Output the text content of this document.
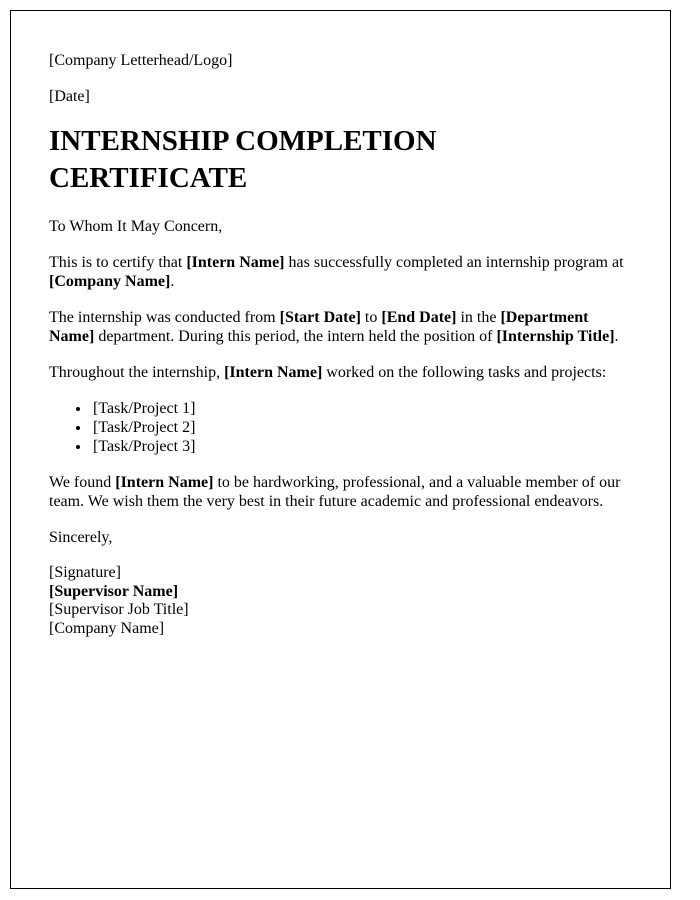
[Company Letterhead/Logo]

[Date]

INTERNSHIP COMPLETION CERTIFICATE

To Whom It May Concern,

This is to certify that [Intern Name] has successfully completed an internship program at [Company Name].

The internship was conducted from [Start Date] to [End Date] in the [Department Name] department. During this period, the intern held the position of [Internship Title].

Throughout the internship, [Intern Name] worked on the following tasks and projects:

• [Task/Project 1]
• [Task/Project 2]
• [Task/Project 3]

We found [Intern Name] to be hardworking, professional, and a valuable member of our team. We wish them the very best in their future academic and professional endeavors.

Sincerely,

[Signature]

[Supervisor Name]

[Supervisor Job Title]

[Company Name]
